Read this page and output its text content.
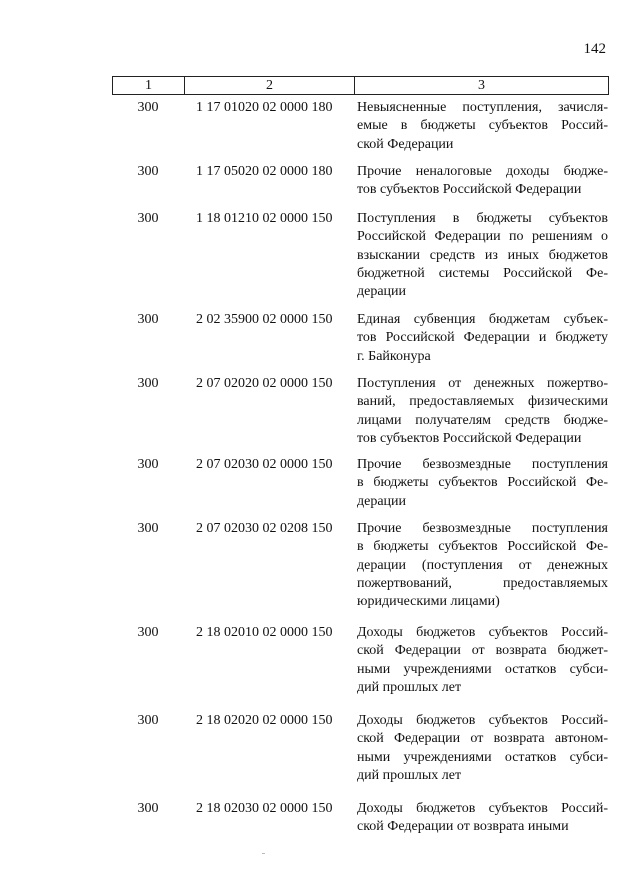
142
1	2	3
300	1 17 01020 02 0000 180	Невыясненные поступления, зачисля-
емые в бюджеты субъектов Россий-
ской Федерации
300	1 17 05020 02 0000 180	Прочие неналоговые доходы бюдже-
тов субъектов Российской Федерации
300	1 18 01210 02 0000 150	Поступления в бюджеты субъектов
Российской Федерации по решениям о
взыскании средств из иных бюджетов
бюджетной системы Российской Фе-
дерации
300	2 02 35900 02 0000 150	Единая субвенция бюджетам субъек-
тов Российской Федерации и бюджету
г. Байконура
300	2 07 02020 02 0000 150	Поступления от денежных пожертво-
ваний, предоставляемых физическими
лицами получателям средств бюдже-
тов субъектов Российской Федерации
300	2 07 02030 02 0000 150	Прочие безвозмездные поступления
в бюджеты субъектов Российской Фе-
дерации
300	2 07 02030 02 0208 150	Прочие безвозмездные поступления
в бюджеты субъектов Российской Фе-
дерации (поступления от денежных
пожертвований, предоставляемых
юридическими лицами)
300	2 18 02010 02 0000 150	Доходы бюджетов субъектов Россий-
ской Федерации от возврата бюджет-
ными учреждениями остатков субси-
дий прошлых лет
300	2 18 02020 02 0000 150	Доходы бюджетов субъектов Россий-
ской Федерации от возврата автоном-
ными учреждениями остатков субси-
дий прошлых лет
300	2 18 02030 02 0000 150	Доходы бюджетов субъектов Россий-
ской Федерации от возврата иными
